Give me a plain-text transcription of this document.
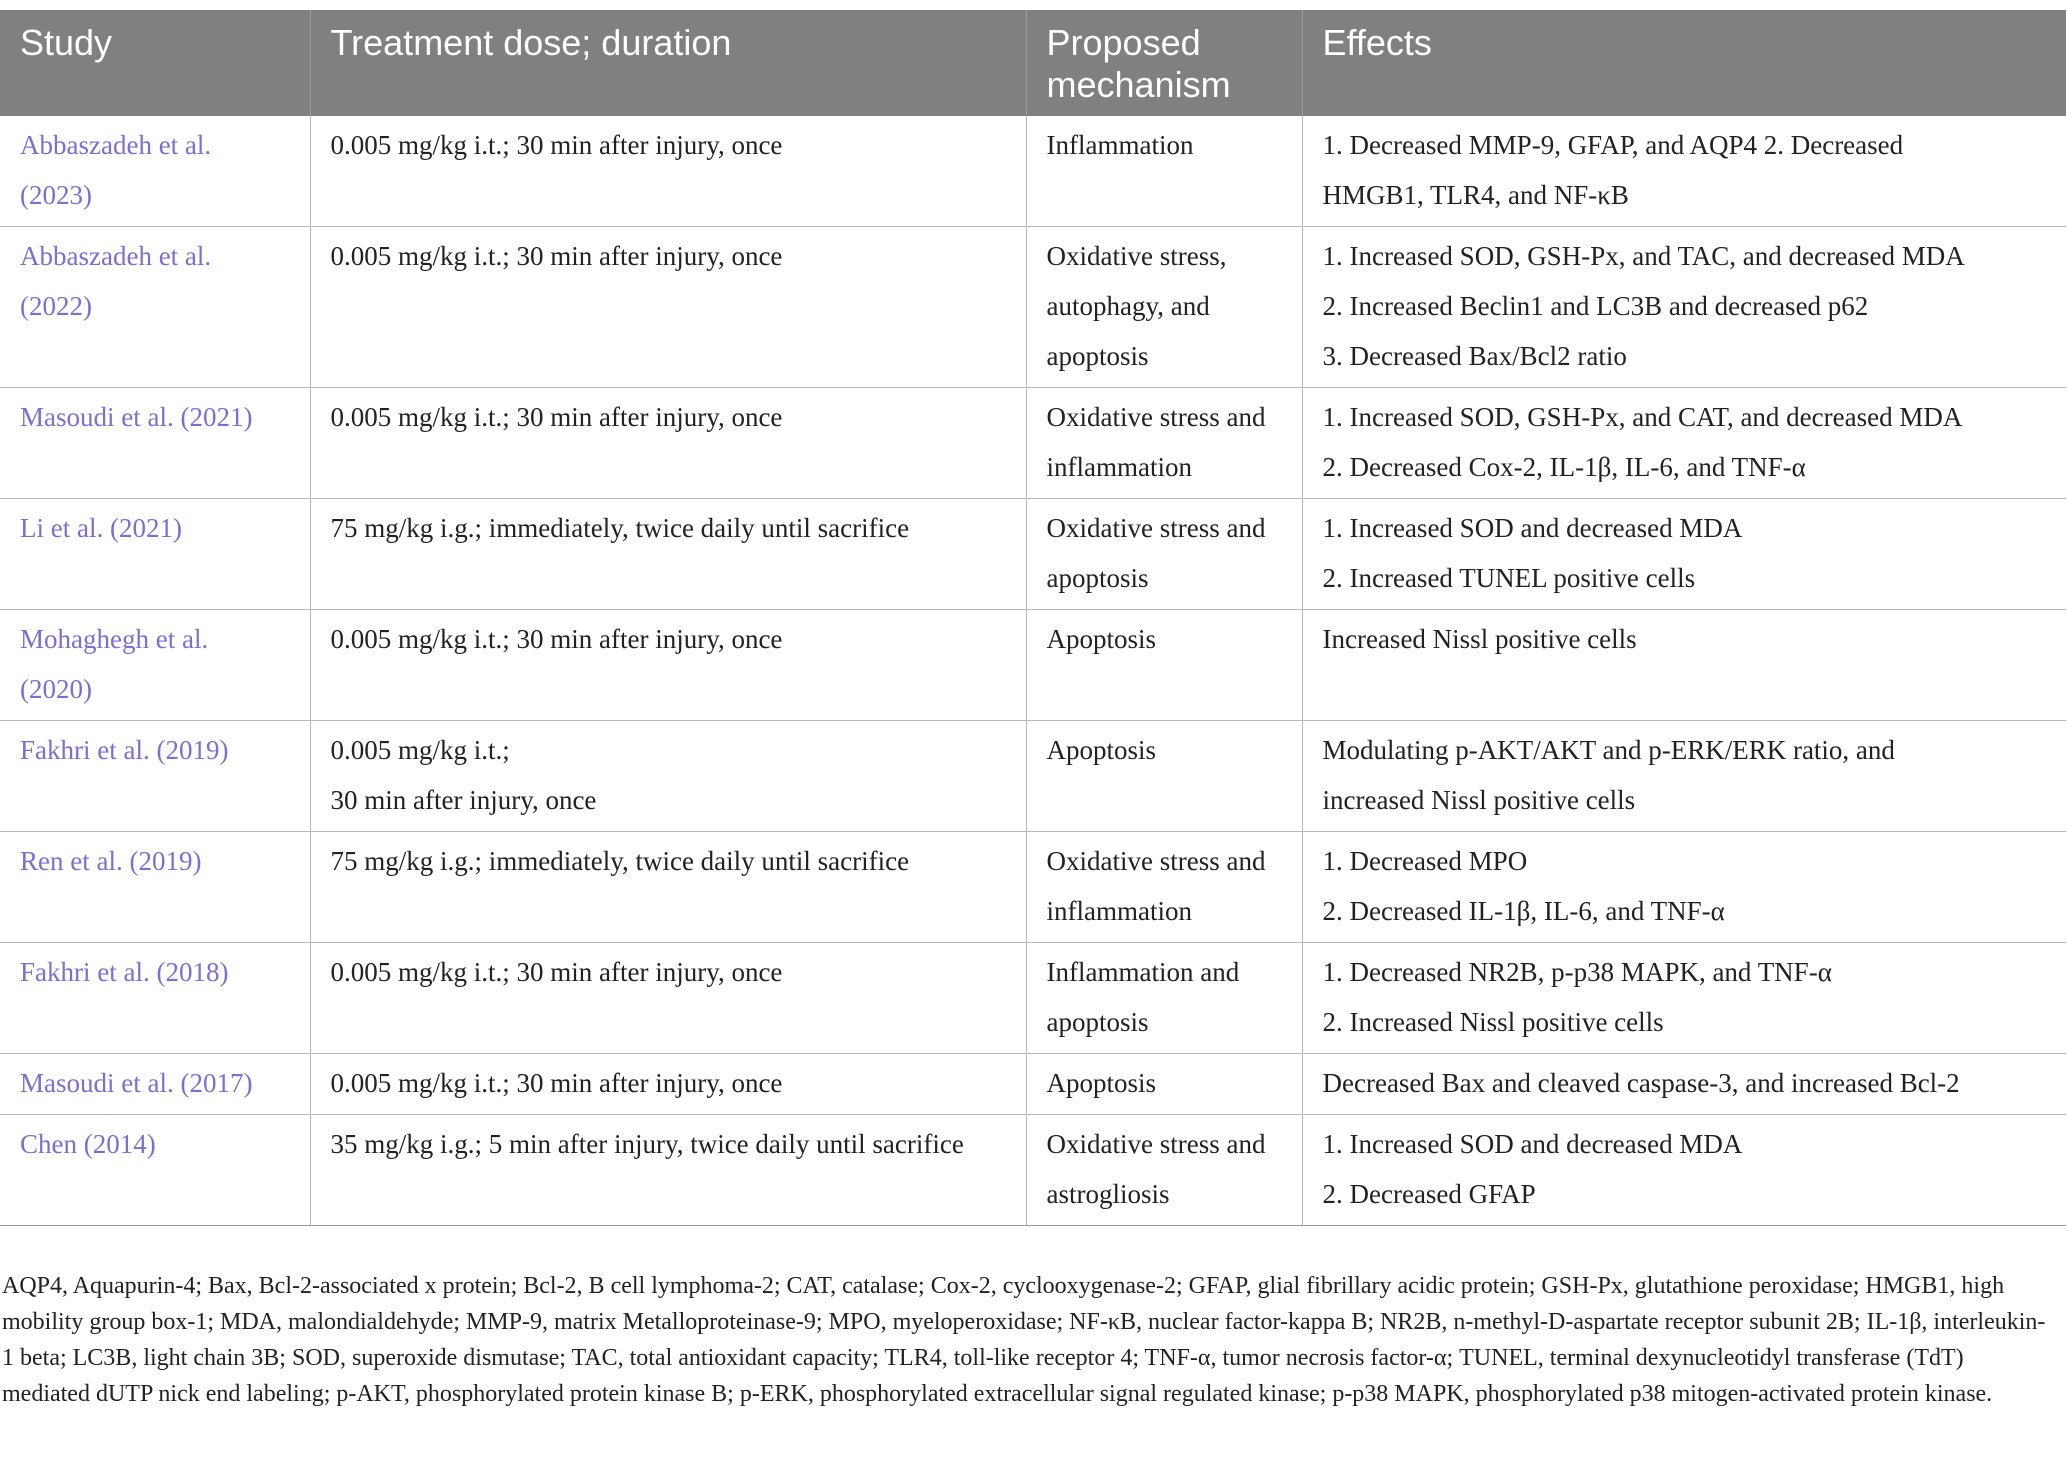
Study	Treatment dose; duration	Proposed mechanism	Effects

Abbaszadeh et al.
(2023)	0.005 mg/kg i.t.; 30 min after injury, once	Inflammation	1. Decreased MMP-9, GFAP, and AQP4 2. Decreased
HMGB1, TLR4, and NF-κB

Abbaszadeh et al.
(2022)	0.005 mg/kg i.t.; 30 min after injury, once	Oxidative stress,
autophagy, and
apoptosis	1. Increased SOD, GSH-Px, and TAC, and decreased MDA
2. Increased Beclin1 and LC3B and decreased p62
3. Decreased Bax/Bcl2 ratio

Masoudi et al. (2021)	0.005 mg/kg i.t.; 30 min after injury, once	Oxidative stress and
inflammation	1. Increased SOD, GSH-Px, and CAT, and decreased MDA
2. Decreased Cox-2, IL-1β, IL-6, and TNF-α

Li et al. (2021)	75 mg/kg i.g.; immediately, twice daily until sacrifice	Oxidative stress and
apoptosis	1. Increased SOD and decreased MDA
2. Increased TUNEL positive cells

Mohaghegh et al.
(2020)	0.005 mg/kg i.t.; 30 min after injury, once	Apoptosis	Increased Nissl positive cells

Fakhri et al. (2019)	0.005 mg/kg i.t.;
30 min after injury, once	Apoptosis	Modulating p-AKT/AKT and p-ERK/ERK ratio, and
increased Nissl positive cells

Ren et al. (2019)	75 mg/kg i.g.; immediately, twice daily until sacrifice	Oxidative stress and
inflammation	1. Decreased MPO
2. Decreased IL-1β, IL-6, and TNF-α

Fakhri et al. (2018)	0.005 mg/kg i.t.; 30 min after injury, once	Inflammation and
apoptosis	1. Decreased NR2B, p-p38 MAPK, and TNF-α
2. Increased Nissl positive cells

Masoudi et al. (2017)	0.005 mg/kg i.t.; 30 min after injury, once	Apoptosis	Decreased Bax and cleaved caspase-3, and increased Bcl-2

Chen (2014)	35 mg/kg i.g.; 5 min after injury, twice daily until sacrifice	Oxidative stress and
astrogliosis	1. Increased SOD and decreased MDA
2. Decreased GFAP

AQP4, Aquapurin-4; Bax, Bcl-2-associated x protein; Bcl-2, B cell lymphoma-2; CAT, catalase; Cox-2, cyclooxygenase-2; GFAP, glial fibrillary acidic protein; GSH-Px, glutathione peroxidase; HMGB1, high mobility group box-1; MDA, malondialdehyde; MMP-9, matrix Metalloproteinase-9; MPO, myeloperoxidase; NF-κB, nuclear factor-kappa B; NR2B, n-methyl-D-aspartate receptor subunit 2B; IL-1β, interleukin-1 beta; LC3B, light chain 3B; SOD, superoxide dismutase; TAC, total antioxidant capacity; TLR4, toll-like receptor 4; TNF-α, tumor necrosis factor-α; TUNEL, terminal dexynucleotidyl transferase (TdT) mediated dUTP nick end labeling; p-AKT, phosphorylated protein kinase B; p-ERK, phosphorylated extracellular signal regulated kinase; p-p38 MAPK, phosphorylated p38 mitogen-activated protein kinase.
